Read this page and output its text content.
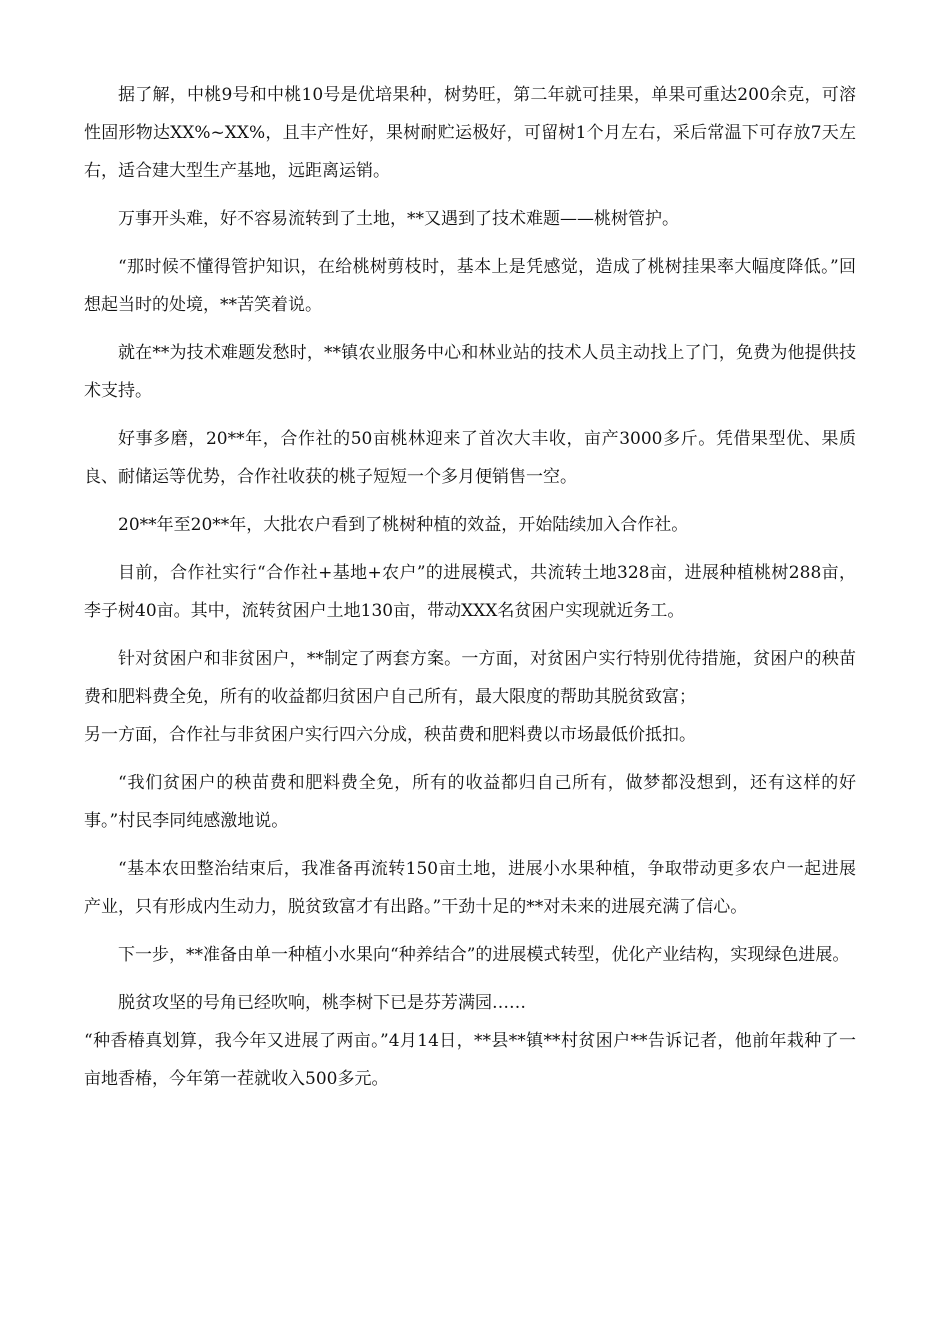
据了解，中桃9号和中桃10号是优培果种，树势旺，第二年就可挂果，单果可重达200余克，可溶性固形物达XX%~XX%，且丰产性好，果树耐贮运极好，可留树1个月左右，采后常温下可存放7天左右，适合建大型生产基地，远距离运销。

万事开头难，好不容易流转到了土地，**又遇到了技术难题——桃树管护。

“那时候不懂得管护知识，在给桃树剪枝时，基本上是凭感觉，造成了桃树挂果率大幅度降低。”回想起当时的处境，**苦笑着说。

就在**为技术难题发愁时，**镇农业服务中心和林业站的技术人员主动找上了门，免费为他提供技术支持。

好事多磨，20**年，合作社的50亩桃林迎来了首次大丰收，亩产3000多斤。凭借果型优、果质良、耐储运等优势，合作社收获的桃子短短一个多月便销售一空。

20**年至20**年，大批农户看到了桃树种植的效益，开始陆续加入合作社。

目前，合作社实行“合作社+基地+农户”的进展模式，共流转土地328亩，进展种植桃树288亩，李子树40亩。其中，流转贫困户土地130亩，带动XXX名贫困户实现就近务工。

针对贫困户和非贫困户，**制定了两套方案。一方面，对贫困户实行特别优待措施，贫困户的秧苗费和肥料费全免，所有的收益都归贫困户自己所有，最大限度的帮助其脱贫致富；

另一方面，合作社与非贫困户实行四六分成，秧苗费和肥料费以市场最低价抵扣。

“我们贫困户的秧苗费和肥料费全免，所有的收益都归自己所有，做梦都没想到，还有这样的好事。”村民李同纯感激地说。

“基本农田整治结束后，我准备再流转150亩土地，进展小水果种植，争取带动更多农户一起进展产业，只有形成内生动力，脱贫致富才有出路。”干劲十足的**对未来的进展充满了信心。

下一步，**准备由单一种植小水果向“种养结合”的进展模式转型，优化产业结构，实现绿色进展。

脱贫攻坚的号角已经吹响，桃李树下已是芬芳满园……

“种香椿真划算，我今年又进展了两亩。”4月14日，**县**镇**村贫困户**告诉记者，他前年栽种了一亩地香椿，今年第一茬就收入500多元。
